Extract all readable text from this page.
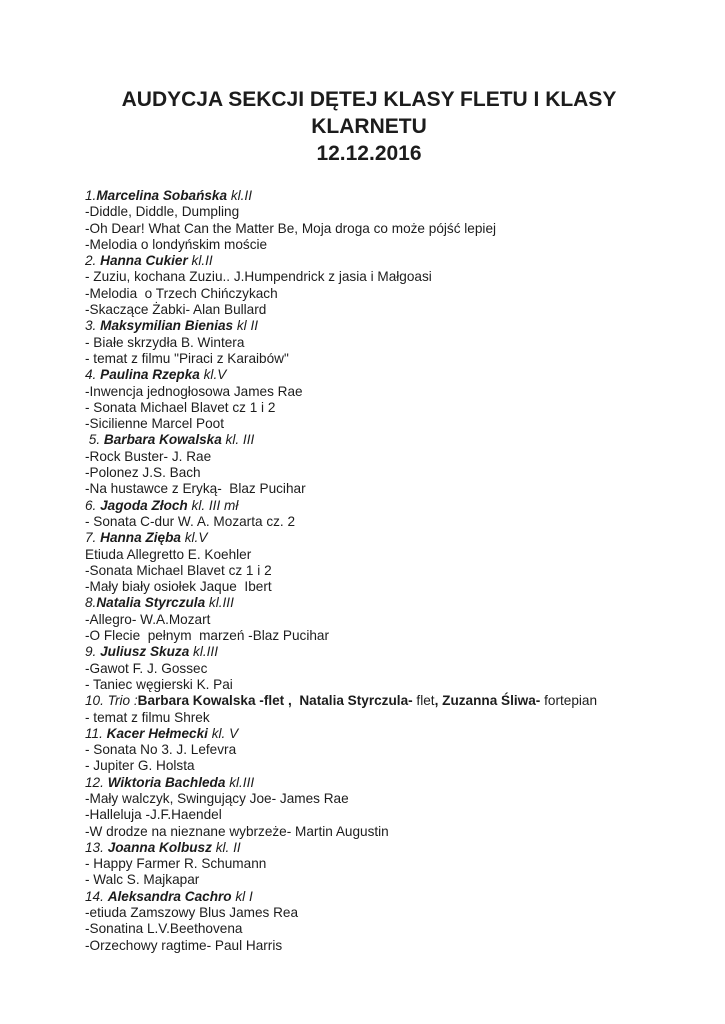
AUDYCJA SEKCJI DĘTEJ KLASY FLETU I KLASY KLARNETU
12.12.2016

1.Marcelina Sobańska kl.II

-Diddle, Diddle, Dumpling

-Oh Dear! What Can the Matter Be, Moja droga co może pójść lepiej

-Melodia o londyńskim moście

2. Hanna Cukier kl.II

- Zuziu, kochana Zuziu.. J.Humpendrick z jasia i Małgoasi

-Melodia  o Trzech Chińczykach

-Skaczące Żabki- Alan Bullard

3. Maksymilian Bienias kl II

- Białe skrzydła B. Wintera

- temat z filmu "Piraci z Karaibów"

4. Paulina Rzepka kl.V

-Inwencja jednogłosowa James Rae

- Sonata Michael Blavet cz 1 i 2

-Sicilienne Marcel Poot

5. Barbara Kowalska kl. III

-Rock Buster- J. Rae

-Polonez J.S. Bach

-Na hustawce z Eryką-  Blaz Pucihar

6. Jagoda Złoch kl. III mł

- Sonata C-dur W. A. Mozarta cz. 2

7. Hanna Zięba kl.V

Etiuda Allegretto E. Koehler

-Sonata Michael Blavet cz 1 i 2

-Mały biały osiołek Jaque  Ibert

8.Natalia Styrczula kl.III

-Allegro- W.A.Mozart

-O Flecie  pełnym  marzeń -Blaz Pucihar

9. Juliusz Skuza kl.III

-Gawot F. J. Gossec

- Taniec węgierski K. Pai

10. Trio :Barbara Kowalska -flet , Natalia Styrczula- flet, Zuzanna Śliwa- fortepian

- temat z filmu Shrek

11. Kacer Hełmecki kl. V

- Sonata No 3. J. Lefevra

- Jupiter G. Holsta

12. Wiktoria Bachleda kl.III

-Mały walczyk, Swingujący Joe- James Rae

-Halleluja -J.F.Haendel

-W drodze na nieznane wybrzeże- Martin Augustin

13. Joanna Kolbusz kl. II

- Happy Farmer R. Schumann

- Walc S. Majkapar

14. Aleksandra Cachro kl I

-etiuda Zamszowy Blus James Rea

-Sonatina L.V.Beethovena

-Orzechowy ragtime- Paul Harris
